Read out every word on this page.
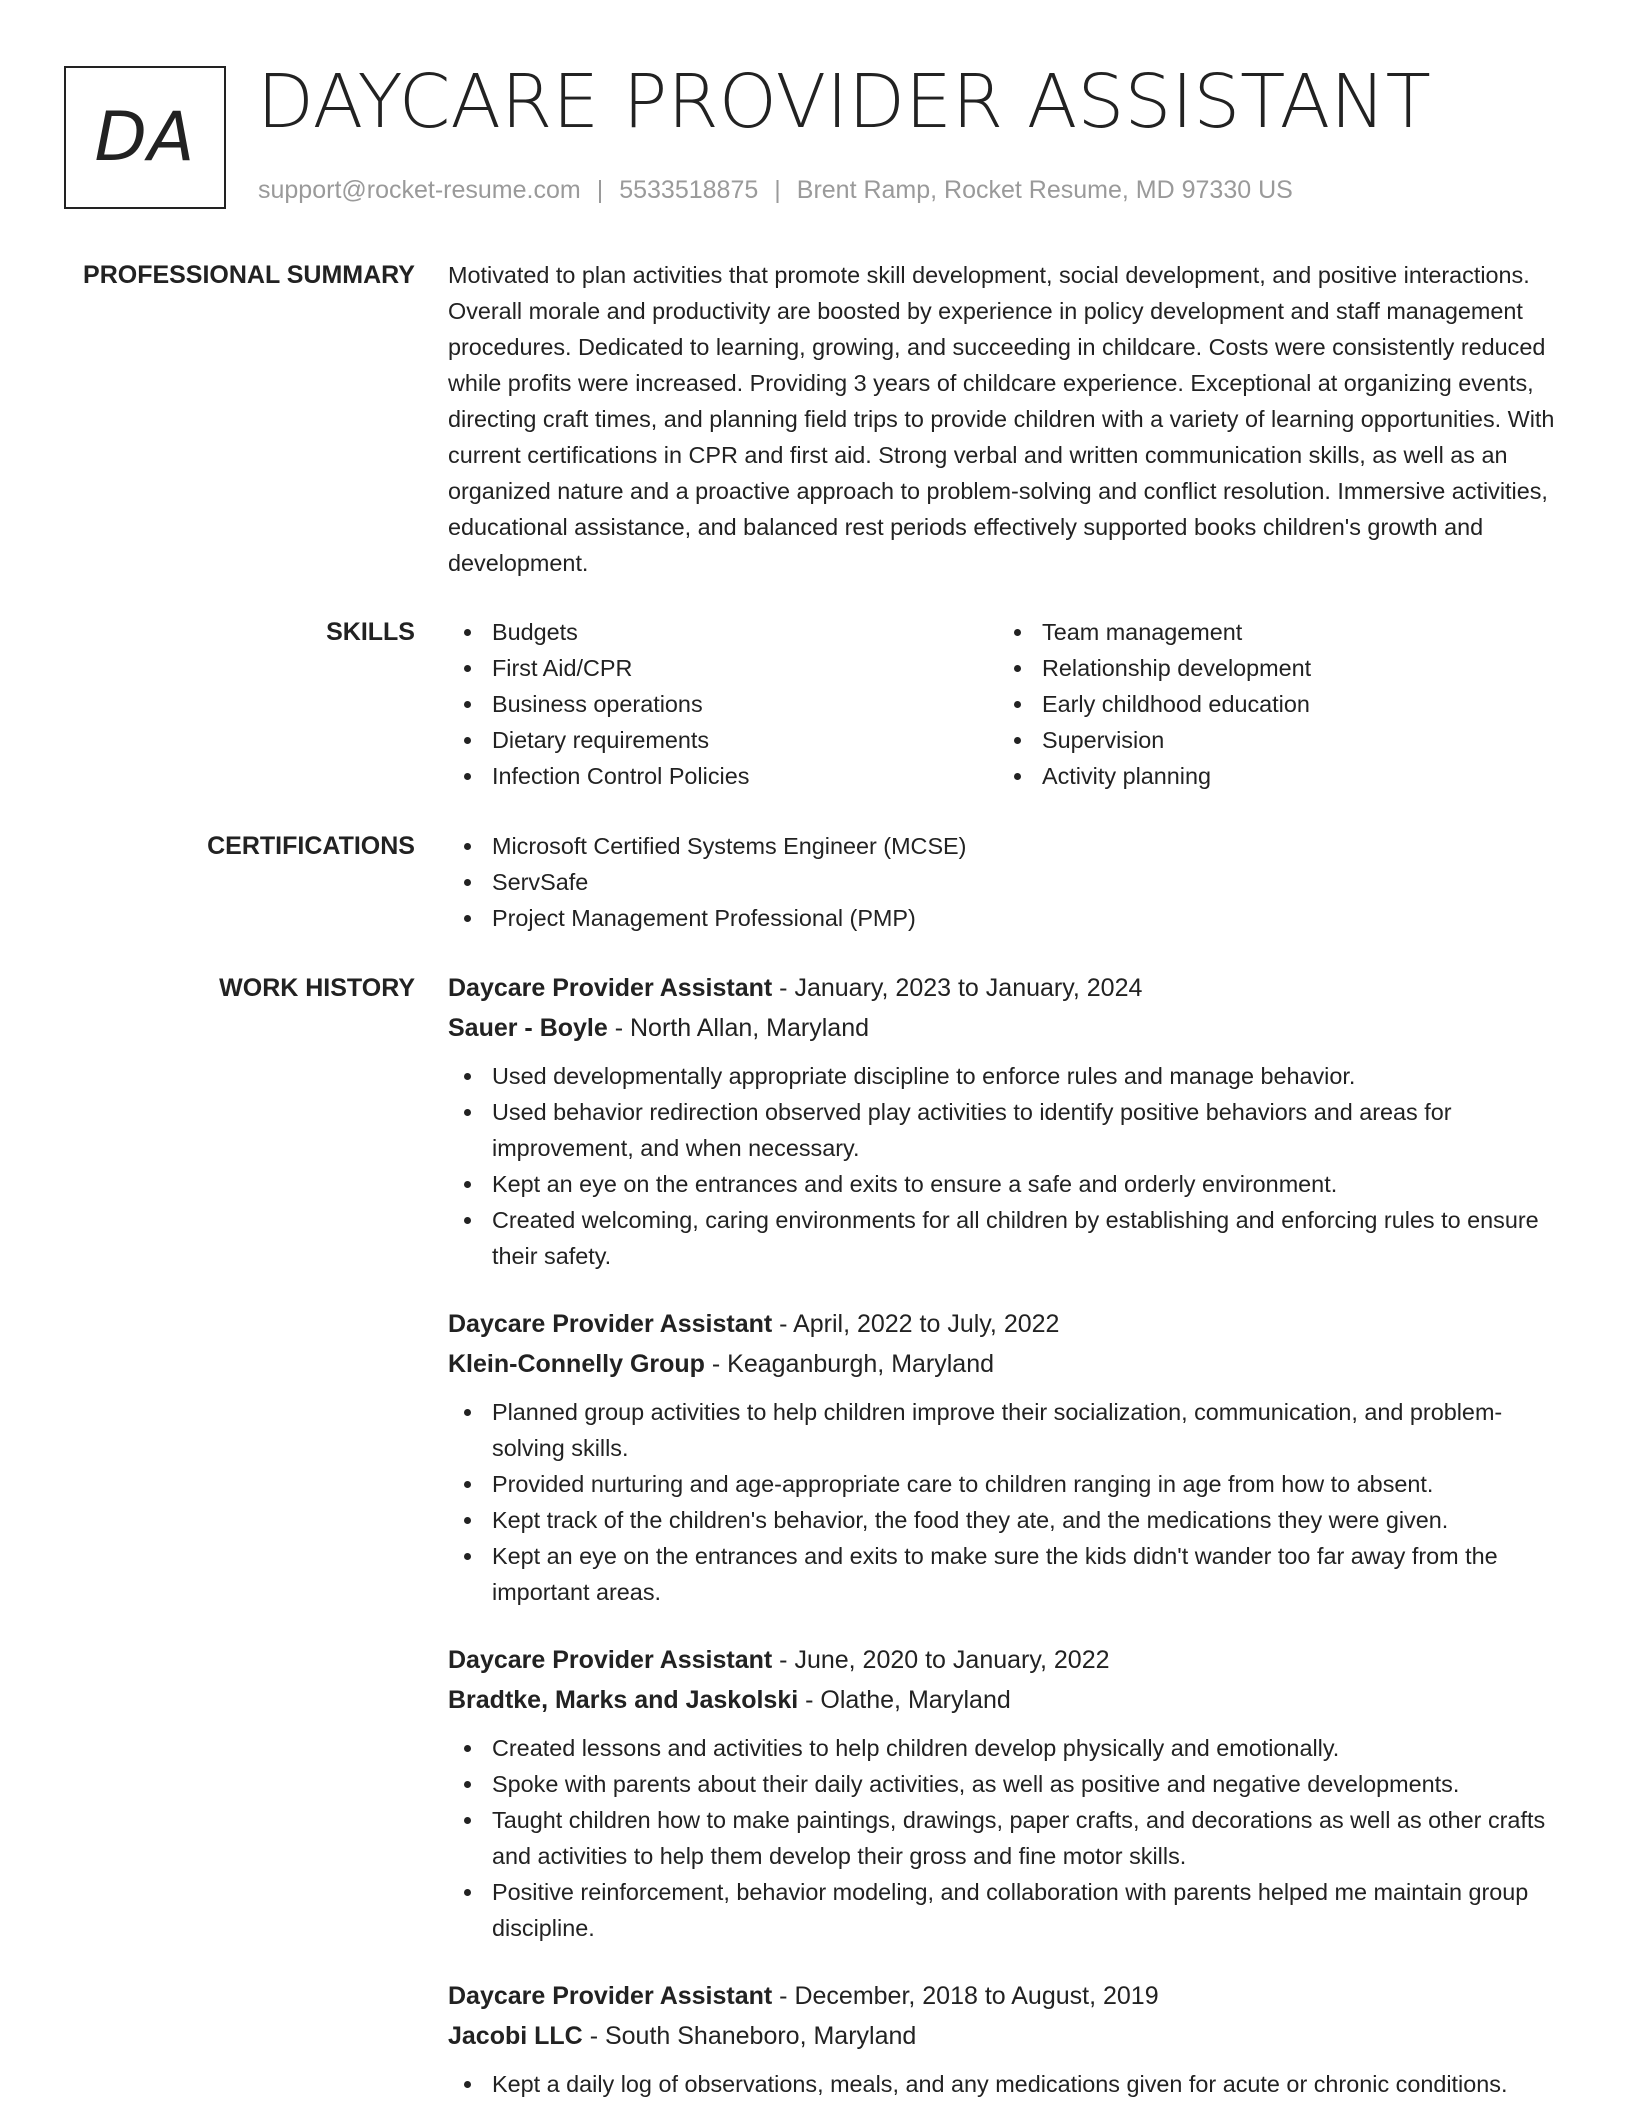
DA DAYCARE PROVIDER ASSISTANT
support@rocket-resume.com | 5533518875 | Brent Ramp, Rocket Resume, MD 97330 US
PROFESSIONAL SUMMARY Motivated to plan activities that promote skill development, social development, and positive interactions. Overall morale and productivity are boosted by experience in policy development and staff management procedures. Dedicated to learning, growing, and succeeding in childcare. Costs were consistently reduced while profits were increased. Providing 3 years of childcare experience. Exceptional at organizing events, directing craft times, and planning field trips to provide children with a variety of learning opportunities. With current certifications in CPR and first aid. Strong verbal and written communication skills, as well as an organized nature and a proactive approach to problem-solving and conflict resolution. Immersive activities, educational assistance, and balanced rest periods effectively supported books children's growth and development.

SKILLS	Budgets
First Aid/CPR
Business operations
Dietary requirements
Infection Control Policies
Team management
Relationship development
Early childhood education
Supervision
Activity planning
CERTIFICATIONS	Microsoft Certified Systems Engineer (MCSE)
ServSafe
Project Management Professional (PMP)
WORK HISTORY Daycare Provider Assistant - January, 2023 to January, 2024
Sauer - Boyle - North Allan, Maryland
Used developmentally appropriate discipline to enforce rules and manage behavior.
Used behavior redirection observed play activities to identify positive behaviors and areas for improvement, and when necessary.
Kept an eye on the entrances and exits to ensure a safe and orderly environment.
Created welcoming, caring environments for all children by establishing and enforcing rules to ensure their safety.
Daycare Provider Assistant - April, 2022 to July, 2022
Klein-Connelly Group - Keaganburgh, Maryland
Planned group activities to help children improve their socialization, communication, and problem-solving skills.
Provided nurturing and age-appropriate care to children ranging in age from how to absent.
Kept track of the children's behavior, the food they ate, and the medications they were given.
Kept an eye on the entrances and exits to make sure the kids didn't wander too far away from the important areas.
Daycare Provider Assistant - June, 2020 to January, 2022
Bradtke, Marks and Jaskolski - Olathe, Maryland
Created lessons and activities to help children develop physically and emotionally.
Spoke with parents about their daily activities, as well as positive and negative developments.
Taught children how to make paintings, drawings, paper crafts, and decorations as well as other crafts and activities to help them develop their gross and fine motor skills.
Positive reinforcement, behavior modeling, and collaboration with parents helped me maintain group discipline.
Daycare Provider Assistant - December, 2018 to August, 2019
Jacobi LLC - South Shaneboro, Maryland
Kept a daily log of observations, meals, and any medications given for acute or chronic conditions.
